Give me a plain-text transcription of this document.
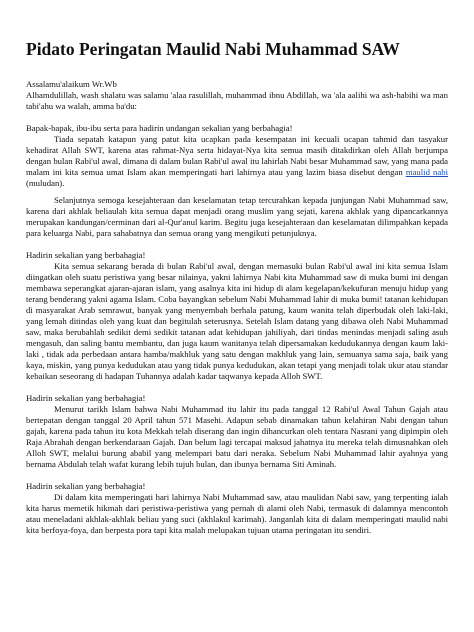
Pidato Peringatan Maulid Nabi Muhammad SAW

Assalamu'alaikum Wr.Wb

Alhamdulillah, wash shalatu was salamu 'alaa rasulillah, muhammad ibnu Abdillah, wa 'ala aalihi wa ash-habihi wa man tabi'ahu wa walah, amma ba'du:

Bapak-bapak, ibu-ibu serta para hadirin undangan sekalian yang berbahagia!

Tiada sepatah katapun yang patut kita ucapkan pada kesempatan ini kecuali ucapan tahmid dan tasyakur kehadirat Allah SWT, karena atas rahmat-Nya serta hidayat-Nya kita semua masih ditakdirkan oleh Allah berjumpa dengan bulan Rabi'ul awal, dimana di dalam bulan Rabi'ul awal itu lahirlah Nabi besar Muhammad saw, yang mana pada malam ini kita semua umat Islam akan memperingati hari lahirnya atau yang lazim biasa disebut dengan maulid nabi (muludan).

Selanjutnya semoga kesejahteraan dan keselamatan tetap tercurahkan kepada junjungan Nabi Muhammad saw, karena dari akhlak beliaulah kita semua dapat menjadi orang muslim yang sejati, karena akhlak yang dipancarkannya merupakan kandungan/cerminan dari al-Qur'anul karim. Begitu juga kesejahteraan dan keselamatan dilimpahkan kepada para keluarga Nabi, para sahabatnya dan semua orang yang mengikuti petunjuknya.

Hadirin sekalian yang berbahagia!

Kita semua sekarang berada di bulan Rabi'ul awal, dengan memasuki bulan Rabi'ul awal ini kita semua Islam diingatkan oleh suatu peristiwa yang besar nilainya, yakni lahirnya Nabi kita Muhammad saw di muka bumi ini dengan membawa seperangkat ajaran-ajaran islam, yang asalnya kita ini hidup di alam kegelapan/kekufuran menuju hidup yang terang benderang yakni agama Islam. Coba bayangkan sebelum Nabi Muhammad lahir di muka bumi! tatanan kehidupan di masyarakat Arab semrawut, banyak yang menyembah berhala patung, kaum wanita telah diperbudak oleh laki-laki, yang lemah ditindas oleh yang kuat dan begitulah seterusnya. Setelah Islam datang yang dibawa oleh Nabi Muhammad saw, maka berubahlah sedikit demi sedikit tatanan adat kehidupan jahiliyah, dari tindas menindas menjadi saling asuh mengasuh, dan saling bantu membantu, dan juga kaum wanitanya telah dipersamakan kedudukannya dengan kaum laki-laki , tidak ada perbedaan antara hamba/makhluk yang satu dengan makhluk yang lain, semuanya sama saja, baik yang kaya, miskin, yang punya kedudukan atau yang tidak punya kedudukan, akan tetapi yang menjadi tolak ukur atau standar kebaikan seseorang di hadapan Tuhannya adalah kadar taqwanya kepada Alloh SWT.

Hadirin sekalian yang berbahagia!

Menurut tarikh Islam bahwa Nabi Muhammad itu lahir itu pada tanggal 12 Rabi'ul Awal Tahun Gajah atau bertepatan dengan tanggal 20 April tahun 571 Masehi. Adapun sebab dinamakan tahun kelahiran Nabi dengan tahun gajah, karena pada tahun itu kota Mekkah telah diserang dan ingin dihancurkan oleh tentara Nasrani yang dipimpin oleh Raja Abrahah dengan berkendaraan Gajah. Dan belum lagi tercapai maksud jahatnya itu mereka telah dimusnahkan oleh Alloh SWT, melalui burung ababil yang melempari batu dari neraka. Sebelum Nabi Muhammad lahir ayahnya yang bernama Abdulah telah wafat kurang lebih tujuh bulan, dan ibunya bernama Siti Aminah.

Hadirin sekalian yang berbahagia!

Di dalam kita memperingati hari lahirnya Nabi Muhammad saw, atau maulidan Nabi saw, yang terpenting ialah kita harus memetik hikmah dari peristiwa-peristiwa yang pernah di alami oleh Nabi, termasuk di dalamnya mencontoh atau meneladani akhlak-akhlak beliau yang suci (akhlakul karimah). Janganlah kita di dalam memperingati maulid nabi kita berfoya-foya, dan berpesta pora tapi kita malah melupakan tujuan utama peringatan itu sendiri.
